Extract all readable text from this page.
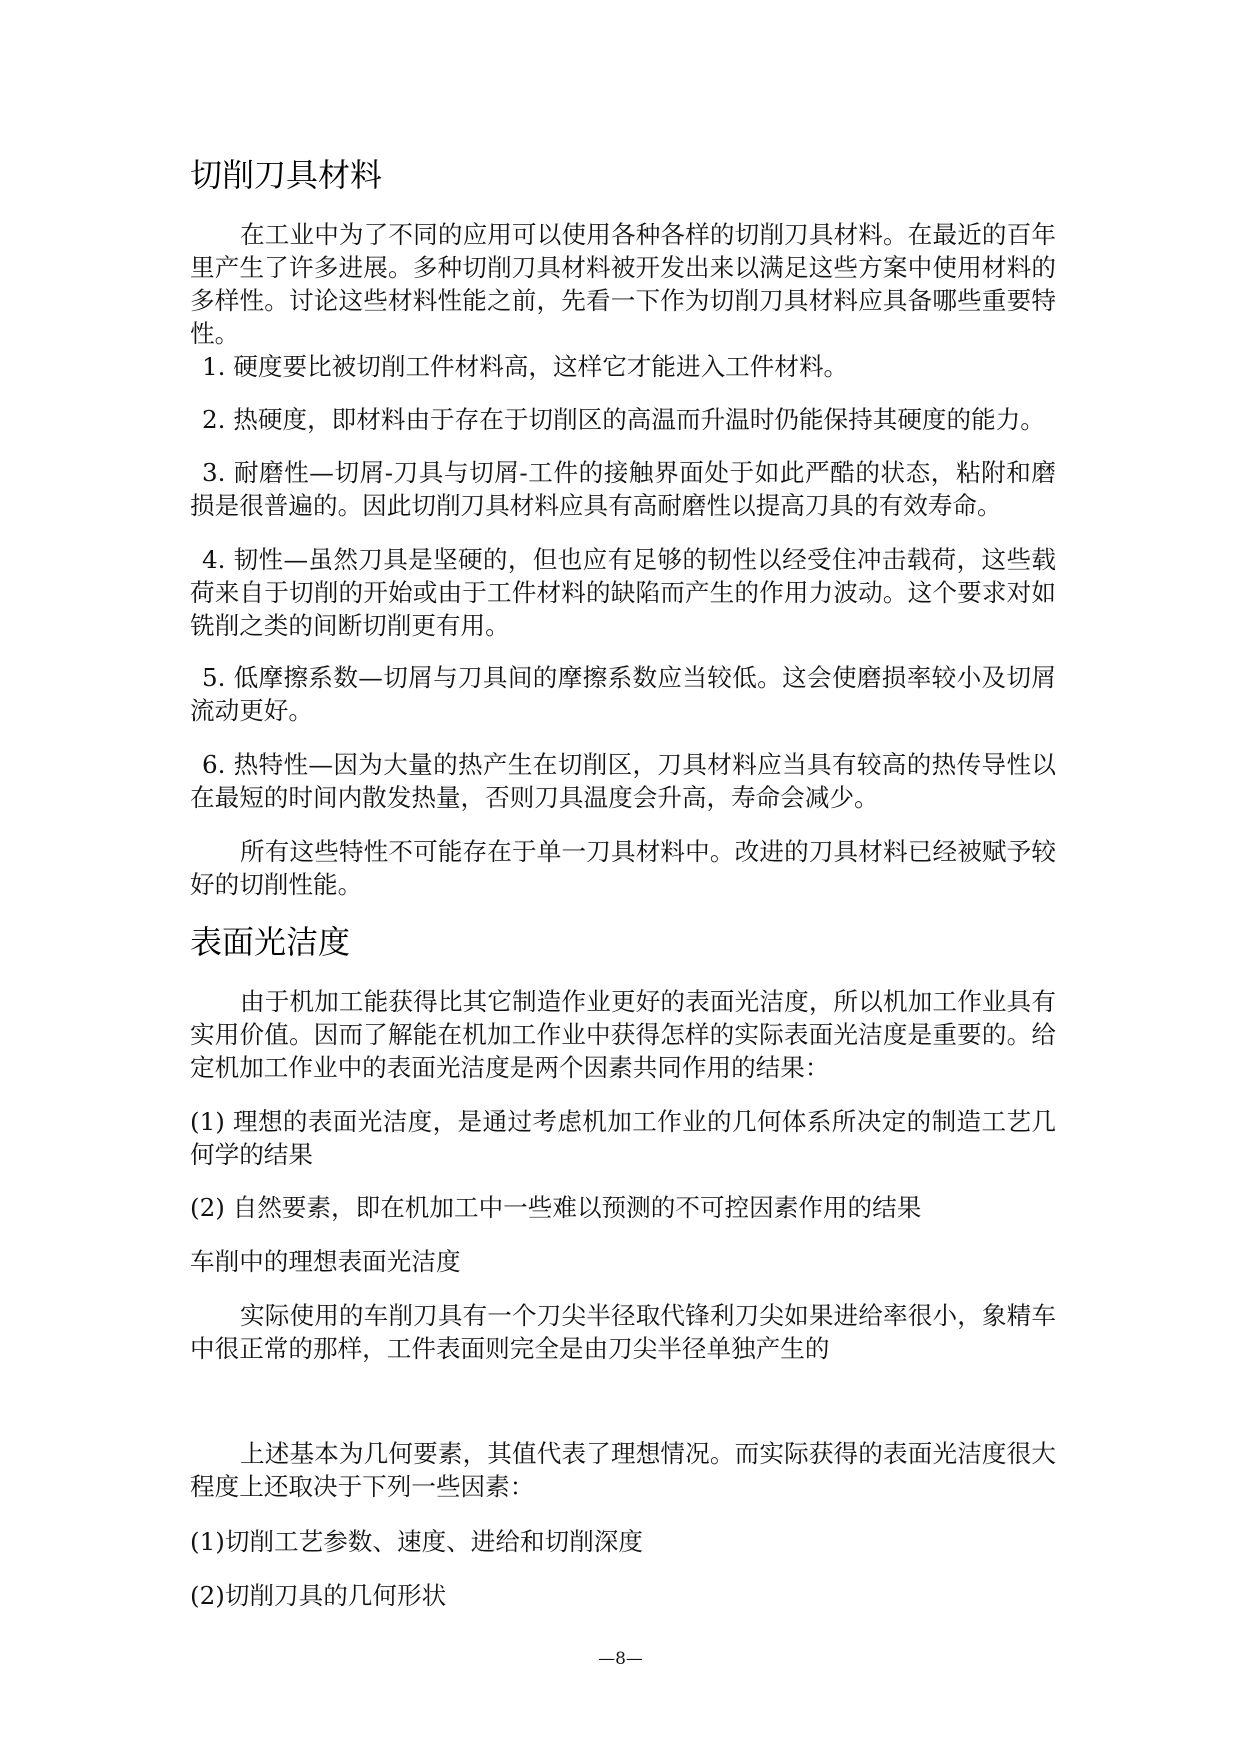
切削刀具材料
在工业中为了不同的应用可以使用各种各样的切削刀具材料。在最近的百年
里产生了许多进展。多种切削刀具材料被开发出来以满足这些方案中使用材料的
多样性。讨论这些材料性能之前，先看一下作为切削刀具材料应具备哪些重要特
性。
1. 硬度要比被切削工件材料高，这样它才能进入工件材料。
2. 热硬度，即材料由于存在于切削区的高温而升温时仍能保持其硬度的能力。
3. 耐磨性—切屑-刀具与切屑-工件的接触界面处于如此严酷的状态，粘附和磨
损是很普遍的。因此切削刀具材料应具有高耐磨性以提高刀具的有效寿命。
4. 韧性—虽然刀具是坚硬的，但也应有足够的韧性以经受住冲击载荷，这些载
荷来自于切削的开始或由于工件材料的缺陷而产生的作用力波动。这个要求对如
铣削之类的间断切削更有用。
5. 低摩擦系数—切屑与刀具间的摩擦系数应当较低。这会使磨损率较小及切屑
流动更好。
6. 热特性—因为大量的热产生在切削区，刀具材料应当具有较高的热传导性以
在最短的时间内散发热量，否则刀具温度会升高，寿命会减少。
所有这些特性不可能存在于单一刀具材料中。改进的刀具材料已经被赋予较
好的切削性能。
表面光洁度
由于机加工能获得比其它制造作业更好的表面光洁度，所以机加工作业具有
实用价值。因而了解能在机加工作业中获得怎样的实际表面光洁度是重要的。给
定机加工作业中的表面光洁度是两个因素共同作用的结果：
(1) 理想的表面光洁度，是通过考虑机加工作业的几何体系所决定的制造工艺几
何学的结果
(2) 自然要素，即在机加工中一些难以预测的不可控因素作用的结果
车削中的理想表面光洁度
实际使用的车削刀具有一个刀尖半径取代锋利刀尖如果进给率很小，象精车
中很正常的那样，工件表面则完全是由刀尖半径单独产生的
上述基本为几何要素，其值代表了理想情况。而实际获得的表面光洁度很大
程度上还取决于下列一些因素：
(1)切削工艺参数、速度、进给和切削深度
(2)切削刀具的几何形状
—8—
